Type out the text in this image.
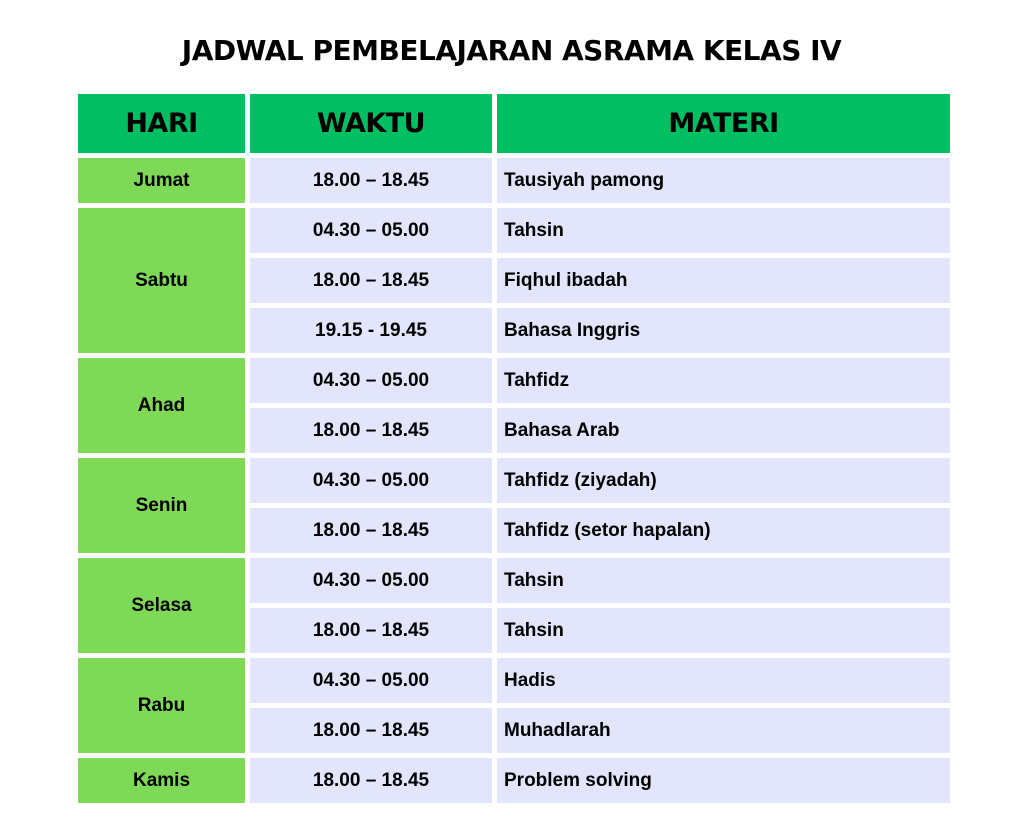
JADWAL PEMBELAJARAN ASRAMA KELAS IV
HARI	WAKTU	MATERI
Jumat	18.00 – 18.45	Tausiyah pamong
Sabtu
04.30 – 05.00	Tahsin
18.00 – 18.45	Fiqhul ibadah
19.15 - 19.45	Bahasa Inggris
Ahad
04.30 – 05.00	Tahfidz
18.00 – 18.45	Bahasa Arab
Senin
04.30 – 05.00	Tahfidz (ziyadah)
18.00 – 18.45	Tahfidz (setor hapalan)
Selasa
04.30 – 05.00	Tahsin
18.00 – 18.45	Tahsin
Rabu
04.30 – 05.00	Hadis
18.00 – 18.45	Muhadlarah
Kamis	18.00 – 18.45	Problem solving
